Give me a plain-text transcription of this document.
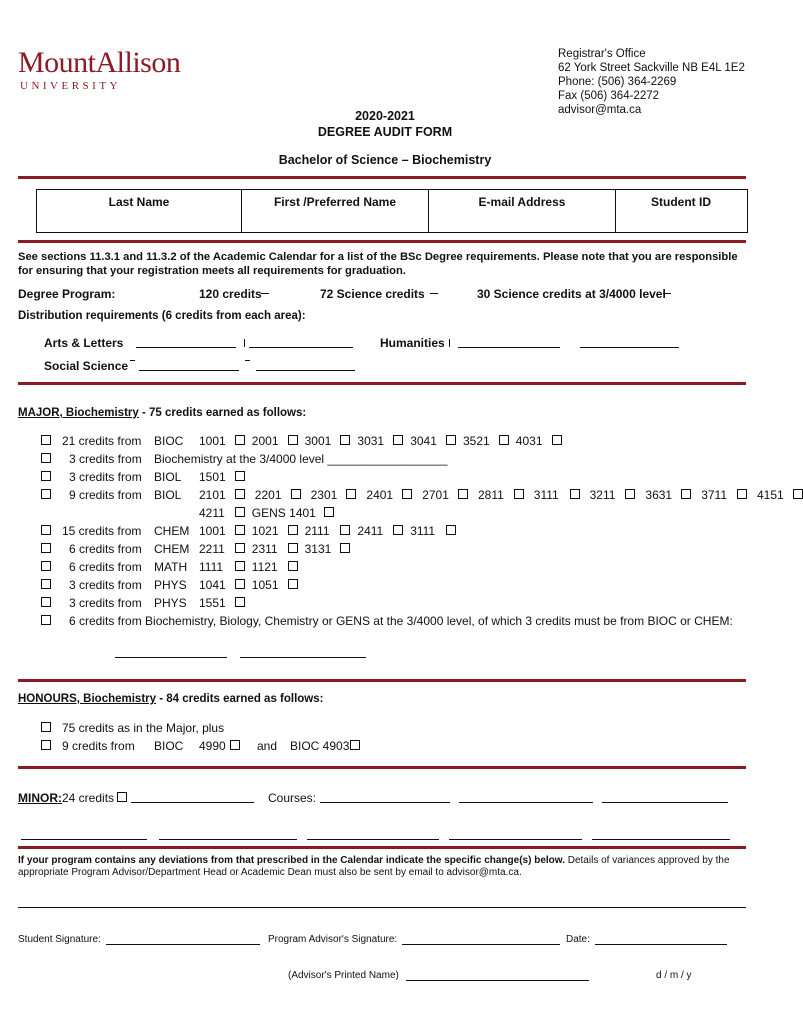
MountAllison
UNIVERSITY
Registrar's Office
62 York Street Sackville NB E4L 1E2
Phone: (506) 364-2269
Fax (506) 364-2272
advisor@mta.ca
2020-2021
DEGREE AUDIT FORM
Bachelor of Science – Biochemistry
Last Name	First /Preferred Name	E-mail Address	Student ID
See sections 11.3.1 and 11.3.2 of the Academic Calendar for a list of the BSc Degree requirements. Please note that you are responsible
for ensuring that your registration meets all requirements for graduation.
Degree Program:	120 credits	72 Science credits	30 Science credits at 3/4000 level
Distribution requirements (6 credits from each area):
Arts & Letters	Humanities
Social Science
MAJOR, Biochemistry - 75 credits earned as follows:
21 credits from BIOC 1001 2001 3001 3031 3041 3521 4031
3 credits from Biochemistry at the 3/4000 level __________________
3 credits from BIOL 1501
9 credits from BIOL 2101 2201 2301 2401 2701 2811 3111	3211 3631 3711	4151
4211 GENS 1401
15 credits from CHEM 1001 1021 2111 2411 3111
6 credits from CHEM 2211 2311 3131
6 credits from MATH 1111 1121
3 credits from PHYS 1041 1051
3 credits from PHYS 1551
6 credits from Biochemistry, Biology, Chemistry or GENS at the 3/4000 level, of which 3 credits must be from BIOC or CHEM:
HONOURS, Biochemistry - 84 credits earned as follows:
75 credits as in the Major, plus
9 credits from BIOC 4990	and BIOC 4903
MINOR: 24 credits	Courses:
If your program contains any deviations from that prescribed in the Calendar indicate the specific change(s) below. Details of variances approved by the
appropriate Program Advisor/Department Head or Academic Dean must also be sent by email to advisor@mta.ca.
Student Signature:	Program Advisor's Signature:	Date:
(Advisor's Printed Name)	d / m / y
